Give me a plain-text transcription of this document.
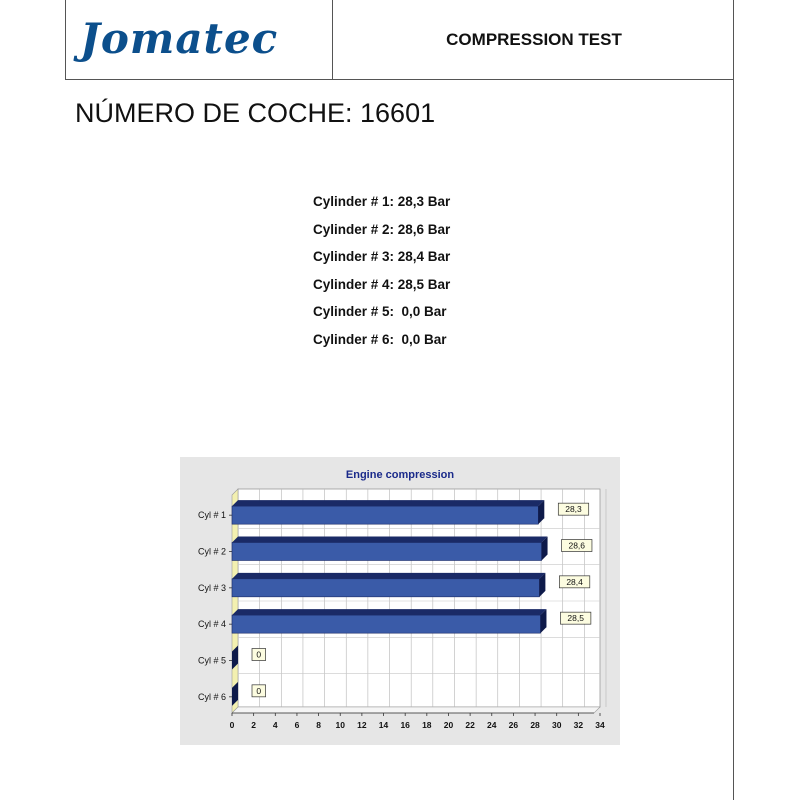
Jomatec	COMPRESSION TEST
NÚMERO DE COCHE: 16601
Cylinder # 1: 28,3 Bar
Cylinder # 2: 28,6 Bar
Cylinder # 3: 28,4 Bar
Cylinder # 4: 28,5 Bar
Cylinder # 5:  0,0 Bar
Cylinder # 6:  0,0 Bar
Engine compression
Cyl # 1
28,3
Cyl # 2
28,6
Cyl # 3
28,4
Cyl # 4
28,5
Cyl # 5
0
Cyl # 6
0
0 2 4 6 8 10 12 14 16 18 20 22 24 26 28 30 32 34
